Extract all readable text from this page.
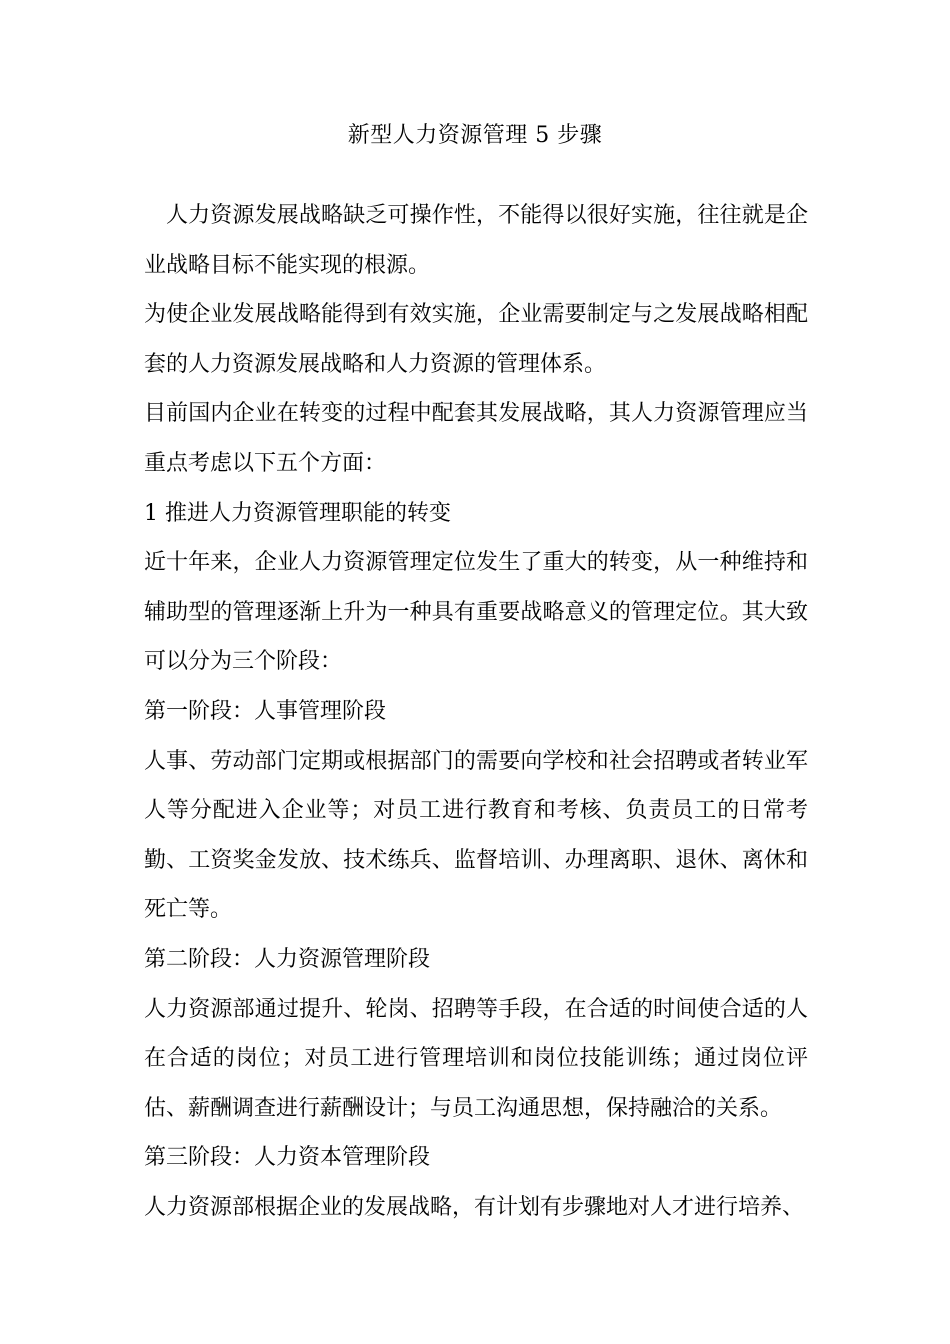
新型人力资源管理 5 步骤

人力资源发展战略缺乏可操作性，不能得以很好实施，往往就是企业战略目标不能实现的根源。

为使企业发展战略能得到有效实施，企业需要制定与之发展战略相配套的人力资源发展战略和人力资源的管理体系。

目前国内企业在转变的过程中配套其发展战略，其人力资源管理应当重点考虑以下五个方面：

1 推进人力资源管理职能的转变

近十年来，企业人力资源管理定位发生了重大的转变，从一种维持和辅助型的管理逐渐上升为一种具有重要战略意义的管理定位。其大致可以分为三个阶段：

第一阶段：人事管理阶段

人事、劳动部门定期或根据部门的需要向学校和社会招聘或者转业军人等分配进入企业等；对员工进行教育和考核、负责员工的日常考勤、工资奖金发放、技术练兵、监督培训、办理离职、退休、离休和死亡等。

第二阶段：人力资源管理阶段

人力资源部通过提升、轮岗、招聘等手段，在合适的时间使合适的人在合适的岗位；对员工进行管理培训和岗位技能训练；通过岗位评估、薪酬调查进行薪酬设计；与员工沟通思想，保持融洽的关系。

第三阶段：人力资本管理阶段

人力资源部根据企业的发展战略，有计划有步骤地对人才进行培养、
